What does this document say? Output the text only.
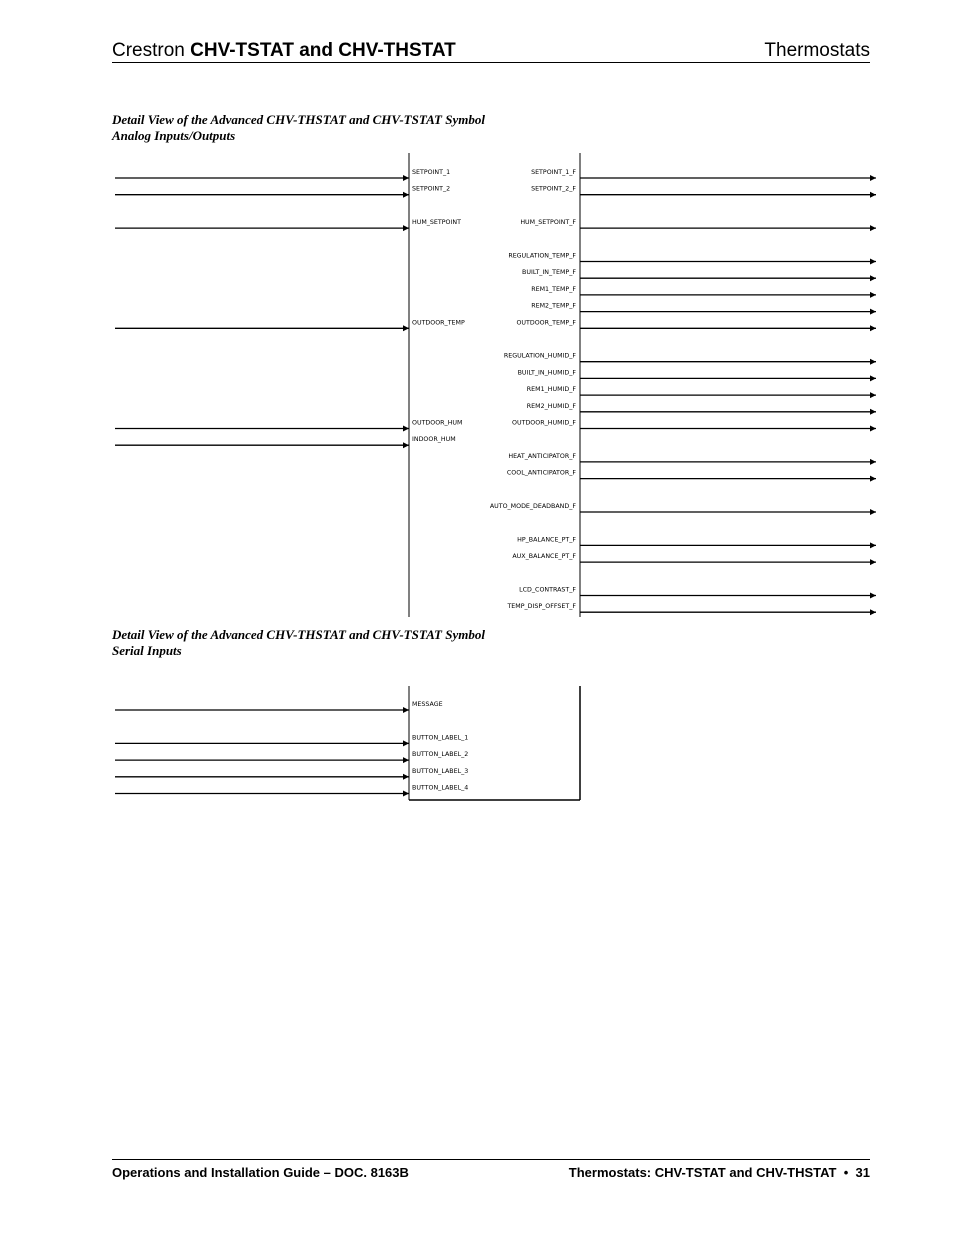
Crestron CHV-TSTAT and CHV-THSTAT	Thermostats
Detail View of the Advanced CHV-THSTAT and CHV-TSTAT Symbol
Analog Inputs/Outputs
Detail View of the Advanced CHV-THSTAT and CHV-TSTAT Symbol
Serial Inputs
SETPOINT_1
SETPOINT_2
HUM_SETPOINT
OUTDOOR_TEMP
OUTDOOR_HUM
INDOOR_HUM
SETPOINT_1_F
SETPOINT_2_F
HUM_SETPOINT_F
REGULATION_TEMP_F
BUILT_IN_TEMP_F
REM1_TEMP_F
REM2_TEMP_F
OUTDOOR_TEMP_F
REGULATION_HUMID_F
BUILT_IN_HUMID_F
REM1_HUMID_F
REM2_HUMID_F
OUTDOOR_HUMID_F
HEAT_ANTICIPATOR_F
COOL_ANTICIPATOR_F
AUTO_MODE_DEADBAND_F
HP_BALANCE_PT_F
AUX_BALANCE_PT_F
LCD_CONTRAST_F
TEMP_DISP_OFFSET_F
MESSAGE
BUTTON_LABEL_1
BUTTON_LABEL_2
BUTTON_LABEL_3
BUTTON_LABEL_4
Operations and Installation Guide – DOC. 8163B	Thermostats: CHV-TSTAT and CHV-THSTAT • 31
